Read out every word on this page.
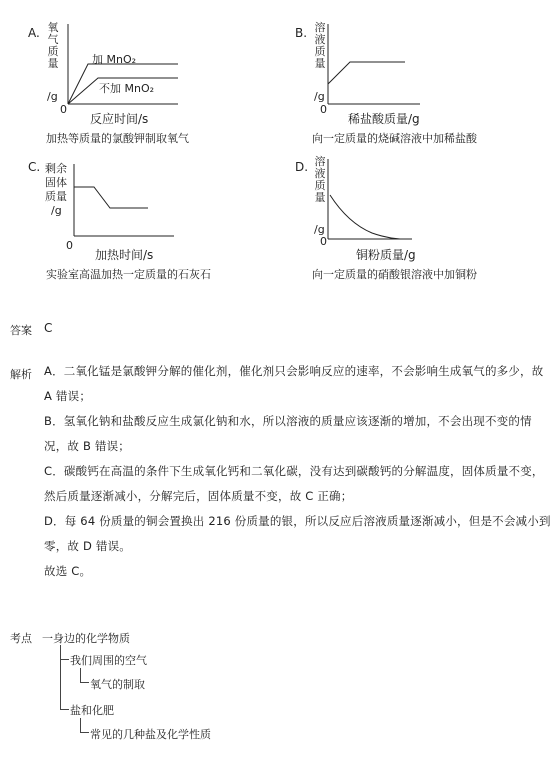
A. 氧气质量
/g
0
加 MnO₂
不加 MnO₂
反应时间/s
加热等质量的氯酸钾制取氧气
B. 溶液质量
/g
0
稀盐酸质量/g
向一定质量的烧碱溶液中加稀盐酸
C. 剩余
固体
质量
/g
0
加热时间/s
实验室高温加热一定质量的石灰石
D. 溶液质量
/g
0
铜粉质量/g
向一定质量的硝酸银溶液中加铜粉
答案 C
解析 A．二氧化锰是氯酸钾分解的催化剂，催化剂只会影响反应的速率，不会影响生成氧气的多少，故
A 错误；
B．氢氧化钠和盐酸反应生成氯化钠和水，所以溶液的质量应该逐渐的增加，不会出现不变的情
况，故 B 错误；
C．碳酸钙在高温的条件下生成氧化钙和二氧化碳，没有达到碳酸钙的分解温度，固体质量不变，
然后质量逐渐减小，分解完后，固体质量不变，故 C 正确；
D．每 64 份质量的铜会置换出 216 份质量的银，所以反应后溶液质量逐渐减小，但是不会减小到
零，故 D 错误。
故选 C。
考点 一身边的化学物质
我们周围的空气
氧气的制取
盐和化肥
常见的几种盐及化学性质
